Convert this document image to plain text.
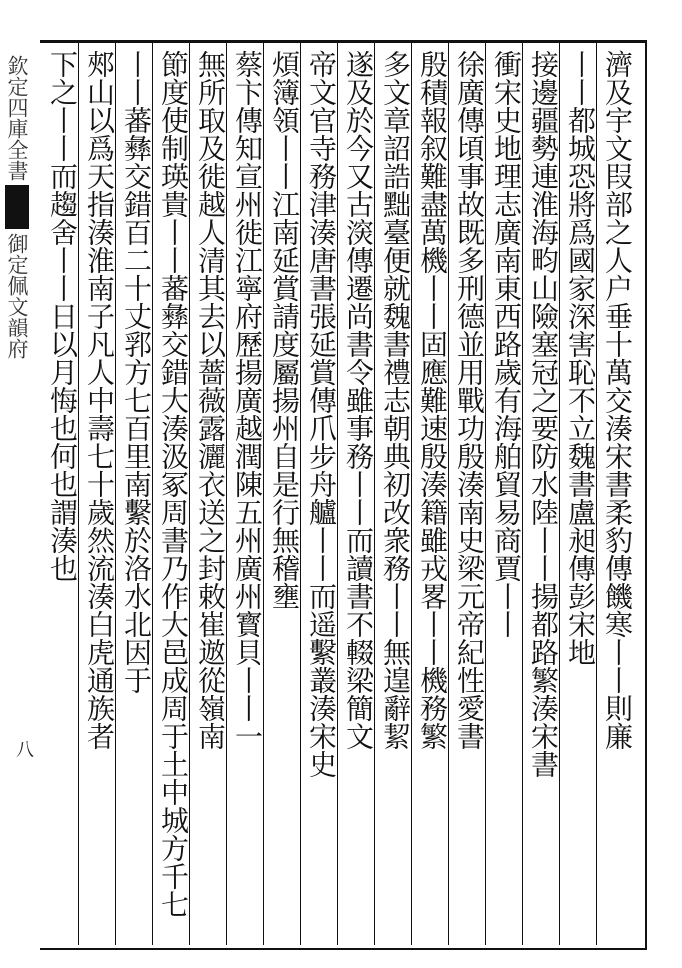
欽定四庫全書御定佩文韻府
八	濟及宇文叚部之人户垂十萬交湊宋書柔豹傳饑寒丨丨則廉
丨丨都城恐將爲國家深害恥不立魏書盧昶傳彭宋地
接邊疆勢連淮海畇山險塞冠之要防水陸丨丨揚都路繁湊宋書
衝宋史地理志廣南東西路歲有海舶貿易商賈丨丨
徐廣傳頃事故既多刑德並用戰功殷湊南史梁元帝紀性愛書
殷積報叙難盡萬機丨丨固應難速殷湊籍雖戎畧丨丨機務繁
多文章詔誥黜臺便就魏書禮志朝典初改衆務丨丨無遑辭絜
遂及於今又古㴱傳遷尚書令雖事務丨丨而讀書不輟梁簡文
帝文官寺務津湊唐書張延賞傳爪步舟艫丨丨而遥繫叢湊宋史
煩簿領丨丨江南延賞請度屬揚州自是行無稽壅
蔡卞傳知宣州徙江寧府歷揚廣越潤陳五州廣州寳貝丨丨一
無所取及徙越人清其去以薔薇露灑衣送之封敕崔䢟從嶺南
節度使制瑛貴丨丨蕃彝交錯大湊汲冢周書乃作大邑成周于土中城方千七
丨丨蕃彝交錯百二十丈郛方七百里南繫於洛水北因于
郟山以爲天指湊淮南子凡人中壽七十歲然流湊白虎通族者
下之丨丨而趨舍丨丨日以月悔也何也謂湊也
